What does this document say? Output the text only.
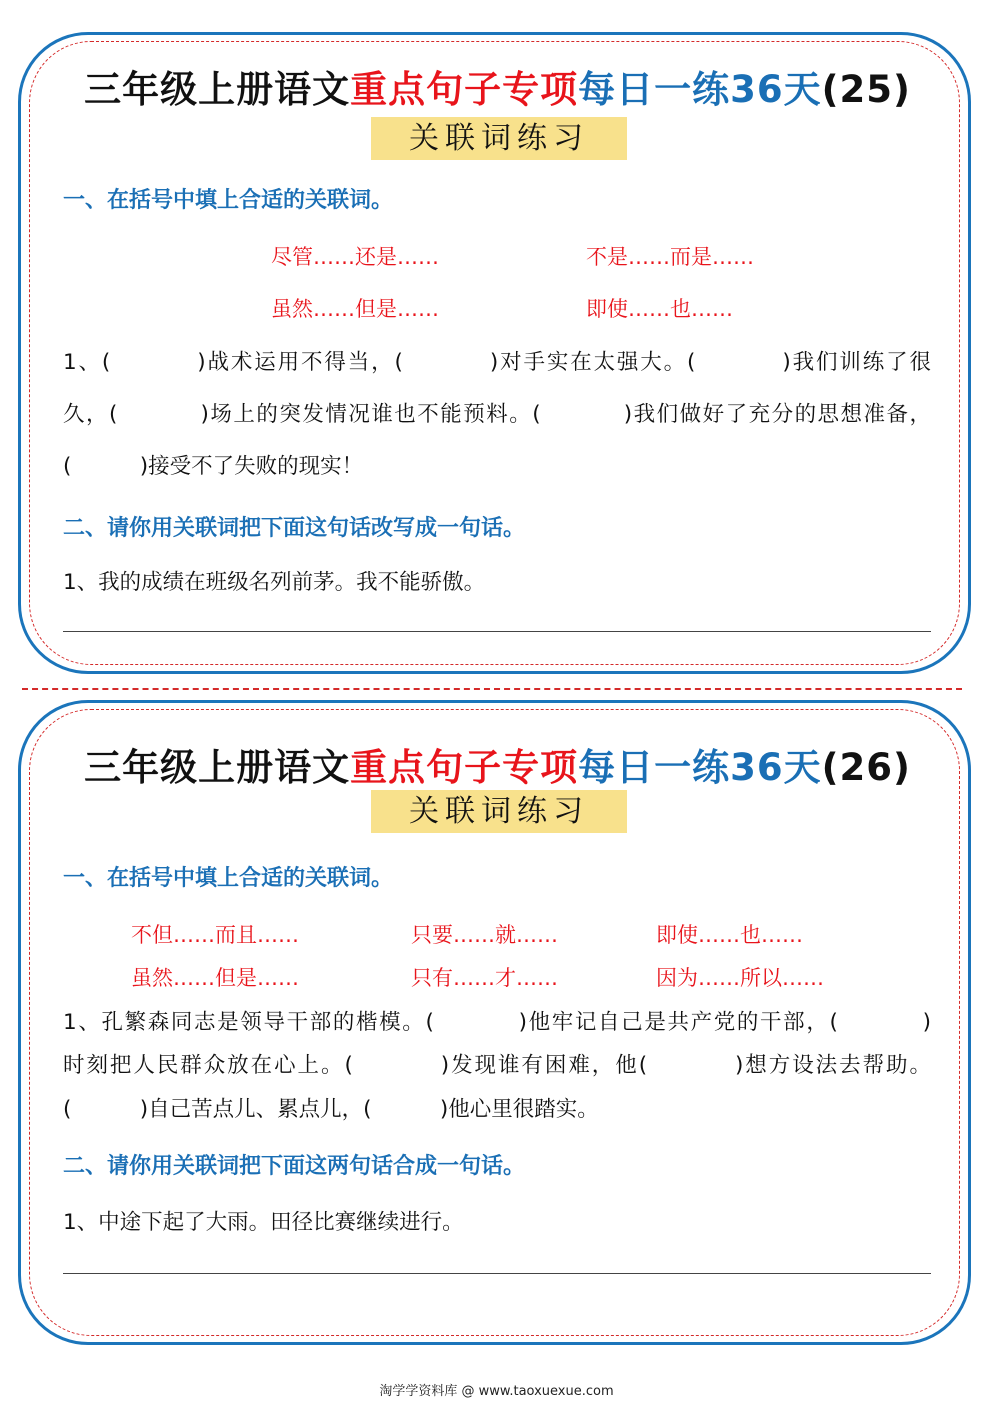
三年级上册语文重点句子专项每日一练36天(25)
关联词练习
一、在括号中填上合适的关联词。
尽管……还是……	不是……而是……
虽然……但是……	即使……也……
1、(          )战术运用不得当，(          )对手实在太强大。(          )我们训练了很
久，(          )场上的突发情况谁也不能预料。(          )我们做好了充分的思想准备，
(          )接受不了失败的现实！
二、请你用关联词把下面这句话改写成一句话。
1、我的成绩在班级名列前茅。我不能骄傲。
三年级上册语文重点句子专项每日一练36天(26)
关联词练习
一、在括号中填上合适的关联词。
不但……而且……	只要……就……	即使……也……
虽然……但是……	只有……才……	因为……所以……
1、孔繁森同志是领导干部的楷模。(          )他牢记自己是共产党的干部，(          )
时刻把人民群众放在心上。(          )发现谁有困难，他(          )想方设法去帮助。
(          )自己苦点儿、累点儿，(          )他心里很踏实。
二、请你用关联词把下面这两句话合成一句话。
1、中途下起了大雨。田径比赛继续进行。
淘学学资料库 @ www.taoxuexue.com
